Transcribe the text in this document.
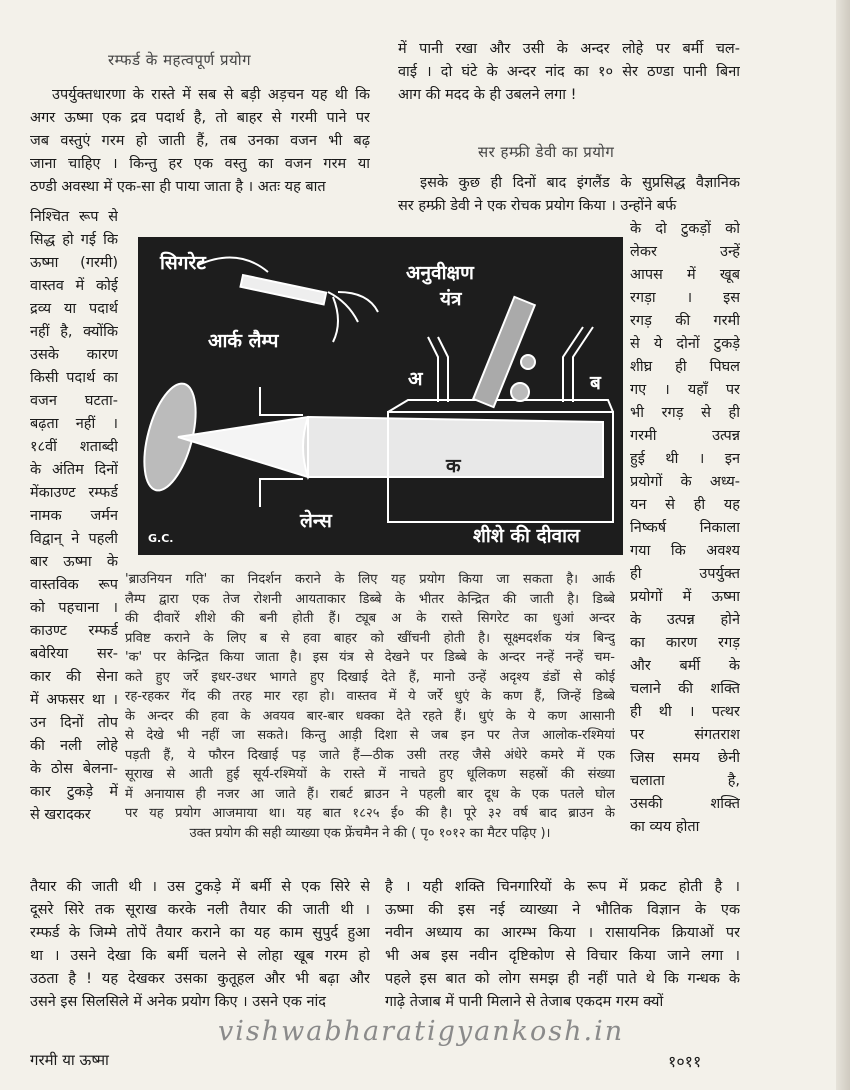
रम्फर्ड के महत्वपूर्ण प्रयोग
उपर्युक्तधारणा के रास्ते में सब से बड़ी अड़चन यह थी कि
अगर ऊष्मा एक द्रव पदार्थ है, तो बाहर से गरमी पाने पर
जब वस्तुएं गरम हो जाती हैं, तब उनका वजन भी बढ़
जाना चाहिए । किन्तु हर एक वस्तु का वजन गरम या
ठण्डी अवस्था में एक-सा ही पाया जाता है । अतः यह बात
में पानी रखा और उसी के अन्दर लोहे पर बर्मी चल-
वाई । दो घंटे के अन्दर नांद का १० सेर ठण्डा पानी बिना
आग की मदद के ही उबलने लगा !
सर हम्फ्री डेवी का प्रयोग
इसके कुछ ही दिनों बाद इंगलैंड के सुप्रसिद्ध वैज्ञानिक
सर हम्फ्री डेवी ने एक रोचक प्रयोग किया । उन्होंने बर्फ
निश्चित रूप से
सिद्ध हो गई कि
ऊष्मा (गरमी)
वास्तव में कोई
द्रव्य या पदार्थ
नहीं है, क्योंकि
उसके कारण
किसी पदार्थ का
वजन घटता-
बढ़ता नहीं ।
१८वीं शताब्दी
के अंतिम दिनों
मेंकाउण्ट रम्फर्ड
नामक जर्मन
विद्वान् ने पहली
बार ऊष्मा के
वास्तविक रूप
को पहचाना ।
काउण्ट रम्फर्ड
बवेरिया सर-
कार की सेना
में अफसर था ।
उन दिनों तोप
की नली लोहे
के ठोस बेलना-
कार टुकड़े में
से खरादकर
के दो टुकड़ों को
लेकर उन्हें
आपस में खूब
रगड़ा । इस
रगड़ की गरमी
से ये दोनों टुकड़े
शीघ्र ही पिघल
गए । यहाँ पर
भी रगड़ से ही
गरमी उत्पन्न
हुई थी । इन
प्रयोगों के अध्य-
यन से ही यह
निष्कर्ष निकाला
गया कि अवश्य
ही उपर्युक्त
प्रयोगों में ऊष्मा
के उत्पन्न होने
का कारण रगड़
और बर्मी के
चलाने की शक्ति
ही थी । पत्थर
पर संगतराश
जिस समय छेनी
चलाता है,
उसकी शक्ति
का व्यय होता
सिगरेट	अनुवीक्षण
यंत्र
आर्क लैम्प
अ	ब
क
लेन्स
शीशे की दीवाल
G.C.
'ब्राउनियन गति' का निदर्शन कराने के लिए यह प्रयोग किया जा सकता है। आर्क
लैम्प द्वारा एक तेज रोशनी आयताकार डिब्बे के भीतर केन्द्रित की जाती है। डिब्बे
की दीवारें शीशे की बनी होती हैं। ट्यूब अ के रास्ते सिगरेट का धुआं अन्दर
प्रविष्ट कराने के लिए ब से हवा बाहर को खींचनी होती है। सूक्ष्मदर्शक यंत्र बिन्दु
'क' पर केन्द्रित किया जाता है। इस यंत्र से देखने पर डिब्बे के अन्दर नन्हें नन्हें चम-
कते हुए जर्रे इधर-उधर भागते हुए दिखाई देते हैं, मानो उन्हें अदृश्य डंडों से कोई
रह-रहकर गेंद की तरह मार रहा हो। वास्तव में ये जर्रे धुएं के कण हैं, जिन्हें डिब्बे
के अन्दर की हवा के अवयव बार-बार धक्का देते रहते हैं। धुएं के ये कण आसानी
से देखे भी नहीं जा सकते। किन्तु आड़ी दिशा से जब इन पर तेज आलोक-रश्मियां
पड़ती हैं, ये फौरन दिखाई पड़ जाते हैं—ठीक उसी तरह जैसे अंधेरे कमरे में एक
सूराख से आती हुई सूर्य-रश्मियों के रास्ते में नाचते हुए धूलिकण सहस्रों की संख्या
में अनायास ही नजर आ जाते हैं। राबर्ट ब्राउन ने पहली बार दूध के एक पतले घोल
पर यह प्रयोग आजमाया था। यह बात १८२५ ई० की है। पूरे ३२ वर्ष बाद ब्राउन के
उक्त प्रयोग की सही व्याख्या एक फ्रेंचमैन ने की ( पृ० १०१२ का मैटर पढ़िए )।
तैयार की जाती थी । उस टुकड़े में बर्मी से एक सिरे से
दूसरे सिरे तक सूराख करके नली तैयार की जाती थी ।
रम्फर्ड के जिम्मे तोपें तैयार कराने का यह काम सुपुर्द हुआ
था । उसने देखा कि बर्मी चलने से लोहा खूब गरम हो
उठता है ! यह देखकर उसका कुतूहल और भी बढ़ा और
उसने इस सिलसिले में अनेक प्रयोग किए । उसने एक नांद
है । यही शक्ति चिनगारियों के रूप में प्रकट होती है ।
ऊष्मा की इस नई व्याख्या ने भौतिक विज्ञान के एक
नवीन अध्याय का आरम्भ किया । रासायनिक क्रियाओं पर
भी अब इस नवीन दृष्टिकोण से विचार किया जाने लगा ।
पहले इस बात को लोग समझ ही नहीं पाते थे कि गन्धक के
गाढ़े तेजाब में पानी मिलाने से तेजाब एकदम गरम क्यों
vishwabharatigyankosh.in
गरमी या ऊष्मा	१०११
